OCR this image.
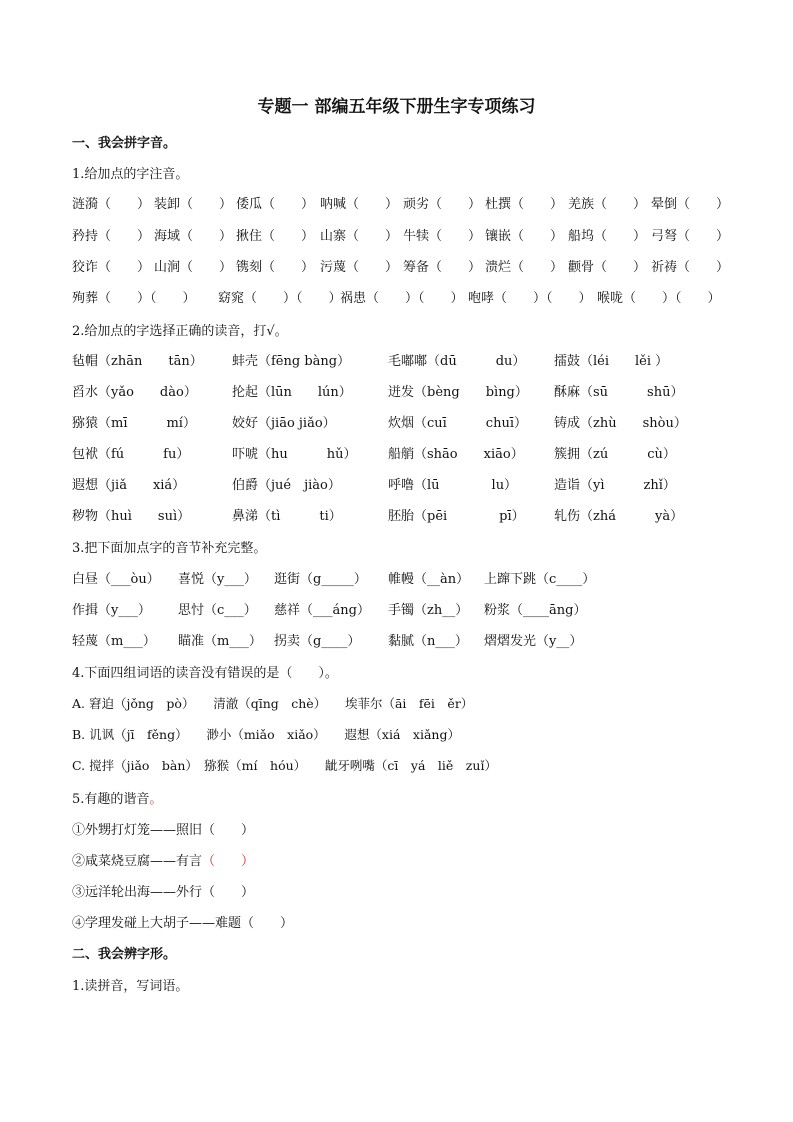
专题一 部编五年级下册生字专项练习
一、我会拼字音。
1.给加点的字注音。
涟漪（　　） 装卸（　　） 倭瓜（　　） 呐喊（　　） 顽劣（　　） 杜撰（　　） 羌族（　　） 晕倒（　　）
矜持（　　） 海域（　　） 揪住（　　） 山寨（　　） 牛犊（　　） 镶嵌（　　） 船坞（　　） 弓弩（　　）
狡诈（　　） 山涧（　　） 镌刻（　　） 污蔑（　　） 筹备（　　） 溃烂（　　） 颧骨（　　） 祈祷（　　）
殉葬（　　）（　　） 窈窕（　　）（　　）
祸患（　　）（　　） 咆哮（　　）（　　） 喉咙（　　）（　　）
2.给加点的字选择正确的读音，打√。
毡帽（zhān　　tān） 蚌壳（fēng bàng）	毛嘟嘟（dū　　　du） 擂鼓（léi　　lěi ）
舀水（yǎo　　dào）	抡起（lūn　　lún）	迸发（bèng　　bìng） 酥麻（sū　　　shū）
猕猿（mī　　　mí）	姣好（jiāo jiǎo）	炊烟（cuī　　　chuī） 铸成（zhù　　shòu）
包袱（fú　　　fu）	吓唬（hu　　　hǔ） 船艄（shāo　　xiāo） 簇拥（zú　　　cù）
遐想（jiǎ　　xiá）	伯爵（jué　jiào）	呼噜（lū　　　　lu）	造诣（yì　　　zhǐ）
秽物（huì　　suì）	鼻涕（tì　　　ti）	胚胎（pēi　　　　pī） 轧伤（zhá　　　yà）
3.把下面加点字的音节补充完整。
白昼（___òu） 喜悦（y___） 逛街（g_____） 帷幔（__àn） 上蹿下跳（c____）
作揖（y___） 思忖（c___） 慈祥（___áng） 手镯（zh__） 粉浆（____āng）
轻蔑（m___） 瞄准（m___） 拐卖（g____） 黏腻（n___） 熠熠发光（y__）
4.下面四组词语的读音没有错误的是（　　）。
A. 窘迫（jǒng　pò）　　清澈（qīng　chè）　　埃菲尔（āi　fēi　ěr）
B. 讥讽（jī　fěng）　　渺小（miǎo　xiǎo）　　遐想（xiá　xiǎng）
C. 搅拌（jiǎo　bàn）　猕猴（mí　hóu）　　龇牙咧嘴（cī　yá　liě　zuǐ）
5.有趣的谐音。
①外甥打灯笼——照旧（　　）
②咸菜烧豆腐——有言（　　）
③远洋轮出海——外行（　　）
④学理发碰上大胡子——难题（　　）
二、我会辨字形。
1.读拼音，写词语。
